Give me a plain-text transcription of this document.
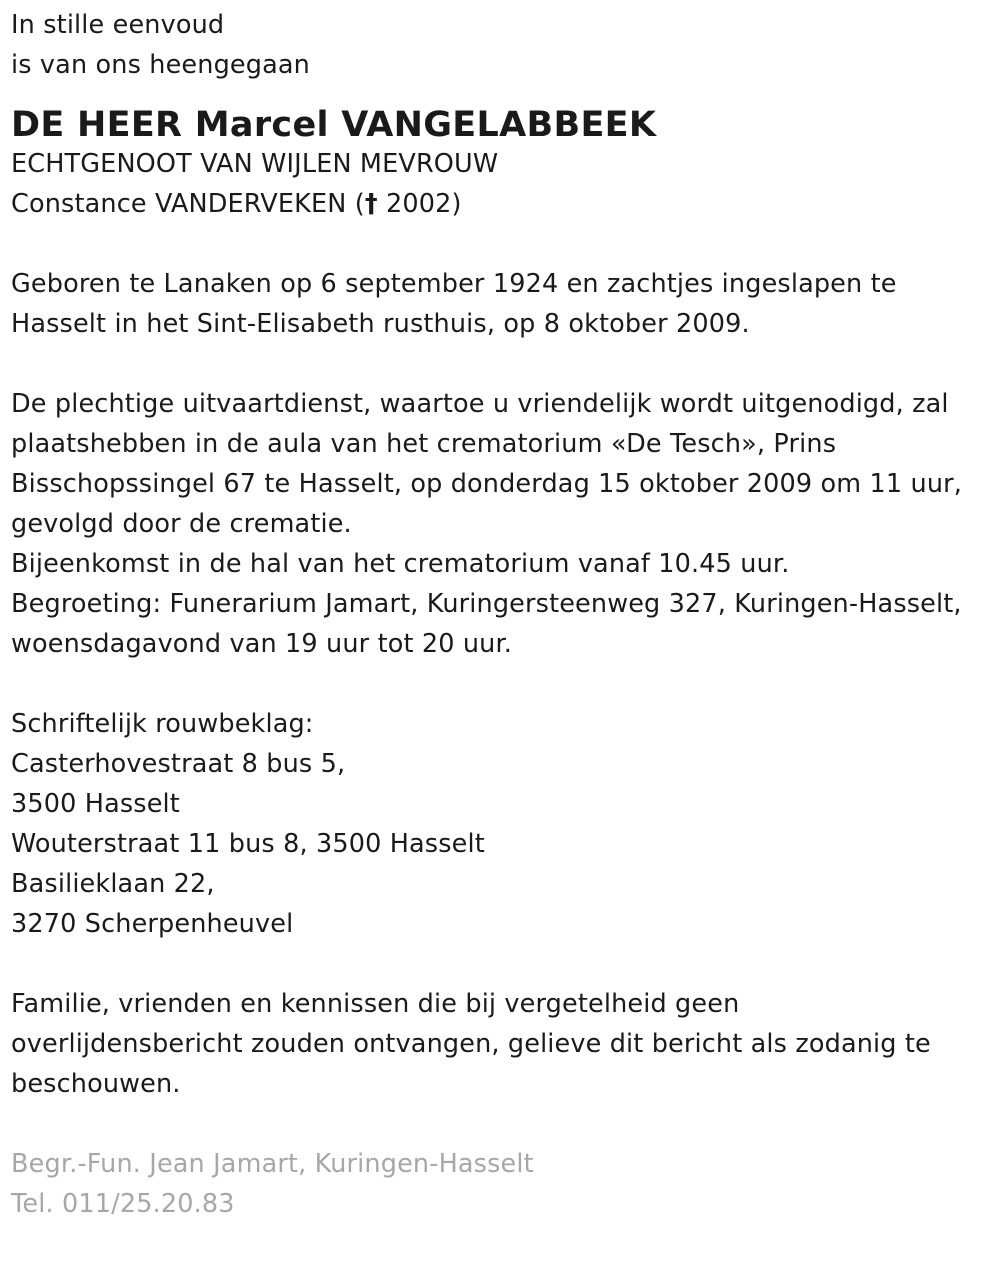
In stille eenvoud
is van ons heengegaan
DE HEER Marcel VANGELABBEEK
ECHTGENOOT VAN WIJLEN MEVROUW
Constance VANDERVEKEN († 2002)
Geboren te Lanaken op 6 september 1924 en zachtjes ingeslapen te
Hasselt in het Sint-Elisabeth rusthuis, op 8 oktober 2009.
De plechtige uitvaartdienst, waartoe u vriendelijk wordt uitgenodigd, zal
plaatshebben in de aula van het crematorium «De Tesch», Prins
Bisschopssingel 67 te Hasselt, op donderdag 15 oktober 2009 om 11 uur,
gevolgd door de crematie.
Bijeenkomst in de hal van het crematorium vanaf 10.45 uur.
Begroeting: Funerarium Jamart, Kuringersteenweg 327, Kuringen-Hasselt,
woensdagavond van 19 uur tot 20 uur.
Schriftelijk rouwbeklag:
Casterhovestraat 8 bus 5,
3500 Hasselt
Wouterstraat 11 bus 8, 3500 Hasselt
Basilieklaan 22,
3270 Scherpenheuvel
Familie, vrienden en kennissen die bij vergetelheid geen
overlijdensbericht zouden ontvangen, gelieve dit bericht als zodanig te
beschouwen.
Begr.-Fun. Jean Jamart, Kuringen-Hasselt
Tel. 011/25.20.83
